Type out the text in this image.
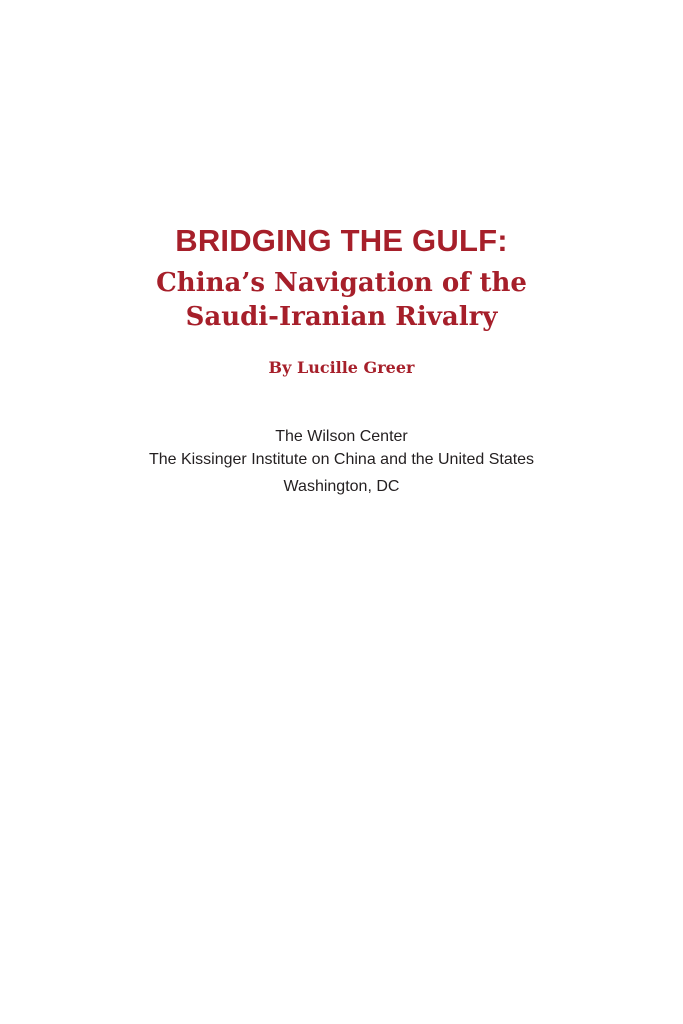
BRIDGING THE GULF:
China’s Navigation of the
Saudi-Iranian Rivalry

By Lucille Greer

The Wilson Center
The Kissinger Institute on China and the United States
Washington, DC
